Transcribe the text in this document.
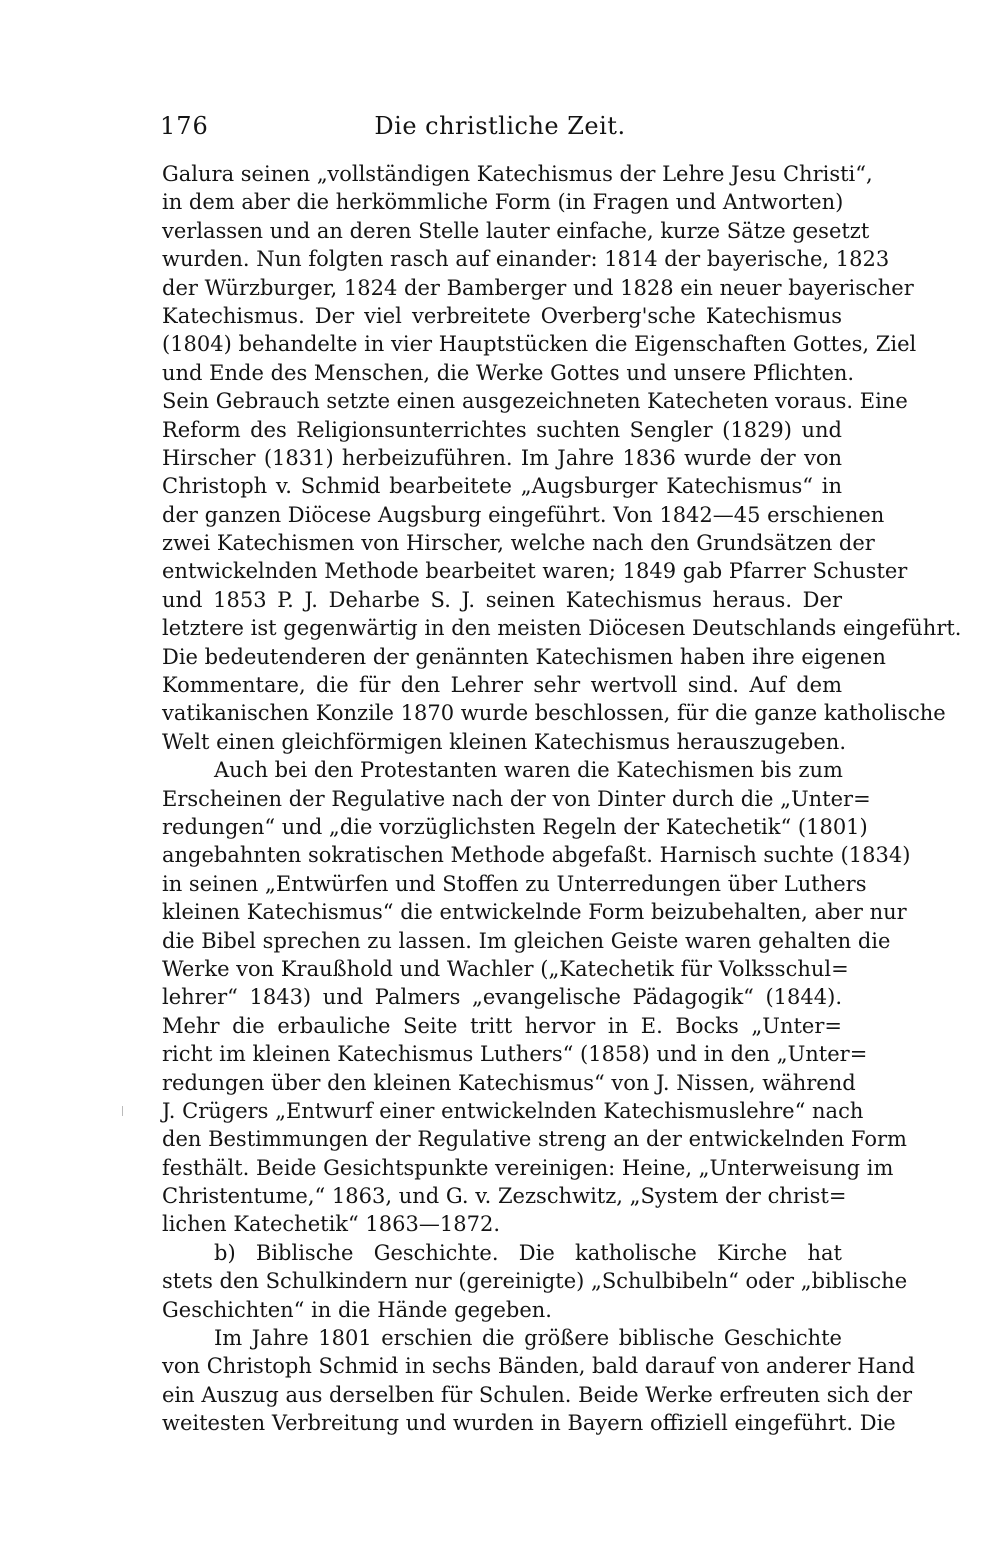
176	Die christliche Zeit.
Galura seinen „vollständigen Katechismus der Lehre Jesu Christi“,
in dem aber die herkömmliche Form (in Fragen und Antworten)
verlassen und an deren Stelle lauter einfache, kurze Sätze gesetzt
wurden. Nun folgten rasch auf einander: 1814 der bayerische, 1823
der Würzburger, 1824 der Bamberger und 1828 ein neuer bayerischer
Katechismus. Der viel verbreitete Overberg'sche Katechismus
(1804) behandelte in vier Hauptstücken die Eigenschaften Gottes, Ziel
und Ende des Menschen, die Werke Gottes und unsere Pflichten.
Sein Gebrauch setzte einen ausgezeichneten Katecheten voraus. Eine
Reform des Religionsunterrichtes suchten Sengler (1829) und
Hirscher (1831) herbeizuführen. Im Jahre 1836 wurde der von
Christoph v. Schmid bearbeitete „Augsburger Katechismus“ in
der ganzen Diöcese Augsburg eingeführt. Von 1842—45 erschienen
zwei Katechismen von Hirscher, welche nach den Grundsätzen der
entwickelnden Methode bearbeitet waren; 1849 gab Pfarrer Schuster
und 1853 P. J. Deharbe S. J. seinen Katechismus heraus. Der
letztere ist gegenwärtig in den meisten Diöcesen Deutschlands eingeführt.
Die bedeutenderen der genännten Katechismen haben ihre eigenen
Kommentare, die für den Lehrer sehr wertvoll sind. Auf dem
vatikanischen Konzile 1870 wurde beschlossen, für die ganze katholische
Welt einen gleichförmigen kleinen Katechismus herauszugeben.
Auch bei den Protestanten waren die Katechismen bis zum
Erscheinen der Regulative nach der von Dinter durch die „Unter=
redungen“ und „die vorzüglichsten Regeln der Katechetik“ (1801)
angebahnten sokratischen Methode abgefaßt. Harnisch suchte (1834)
in seinen „Entwürfen und Stoffen zu Unterredungen über Luthers
kleinen Katechismus“ die entwickelnde Form beizubehalten, aber nur
die Bibel sprechen zu lassen. Im gleichen Geiste waren gehalten die
Werke von Kraußhold und Wachler („Katechetik für Volksschul=
lehrer“ 1843) und Palmers „evangelische Pädagogik“ (1844).
Mehr die erbauliche Seite tritt hervor in E. Bocks „Unter=
richt im kleinen Katechismus Luthers“ (1858) und in den „Unter=
redungen über den kleinen Katechismus“ von J. Nissen, während
J. Crügers „Entwurf einer entwickelnden Katechismuslehre“ nach
den Bestimmungen der Regulative streng an der entwickelnden Form
festhält. Beide Gesichtspunkte vereinigen: Heine, „Unterweisung im
Christentume,“ 1863, und G. v. Zezschwitz, „System der christ=
lichen Katechetik“ 1863—1872.
b) Biblische Geschichte. Die katholische Kirche hat
stets den Schulkindern nur (gereinigte) „Schulbibeln“ oder „biblische
Geschichten“ in die Hände gegeben.
Im Jahre 1801 erschien die größere biblische Geschichte
von Christoph Schmid in sechs Bänden, bald darauf von anderer Hand
ein Auszug aus derselben für Schulen. Beide Werke erfreuten sich der
weitesten Verbreitung und wurden in Bayern offiziell eingeführt. Die
